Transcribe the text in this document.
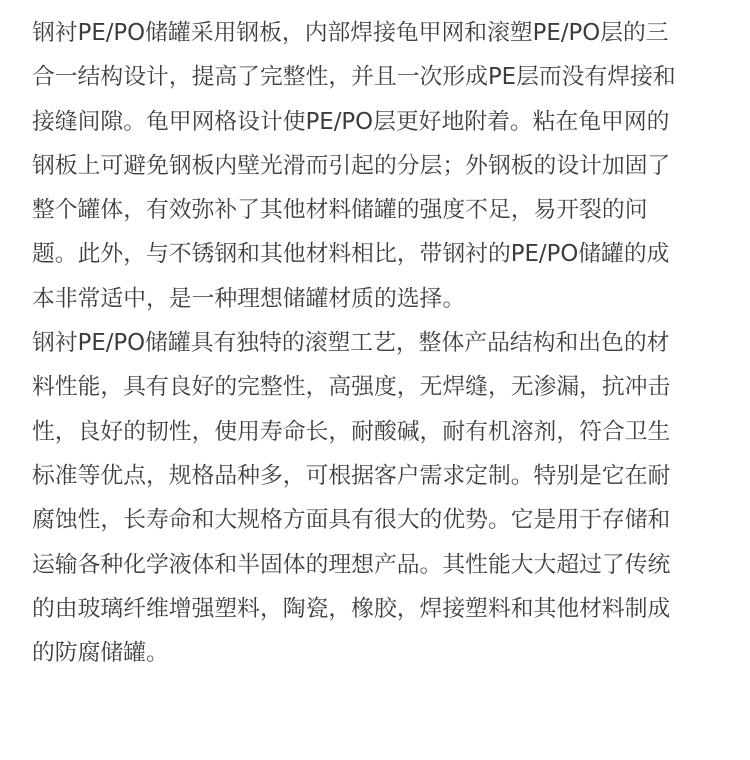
钢衬PE/PO储罐采用钢板，内部焊接龟甲网和滚塑PE/PO层的三
合一结构设计，提高了完整性，并且一次形成PE层而没有焊接和
接缝间隙。龟甲网格设计使PE/PO层更好地附着。粘在龟甲网的
钢板上可避免钢板内壁光滑而引起的分层；外钢板的设计加固了
整个罐体，有效弥补了其他材料储罐的强度不足，易开裂的问
题。此外，与不锈钢和其他材料相比，带钢衬的PE/PO储罐的成
本非常适中，是一种理想储罐材质的选择。

钢衬PE/PO储罐具有独特的滚塑工艺，整体产品结构和出色的材
料性能，具有良好的完整性，高强度，无焊缝，无渗漏，抗冲击
性，良好的韧性，使用寿命长，耐酸碱，耐有机溶剂，符合卫生
标准等优点，规格品种多，可根据客户需求定制。特别是它在耐
腐蚀性，长寿命和大规格方面具有很大的优势。它是用于存储和
运输各种化学液体和半固体的理想产品。其性能大大超过了传统
的由玻璃纤维增强塑料，陶瓷，橡胶，焊接塑料和其他材料制成
的防腐储罐。
